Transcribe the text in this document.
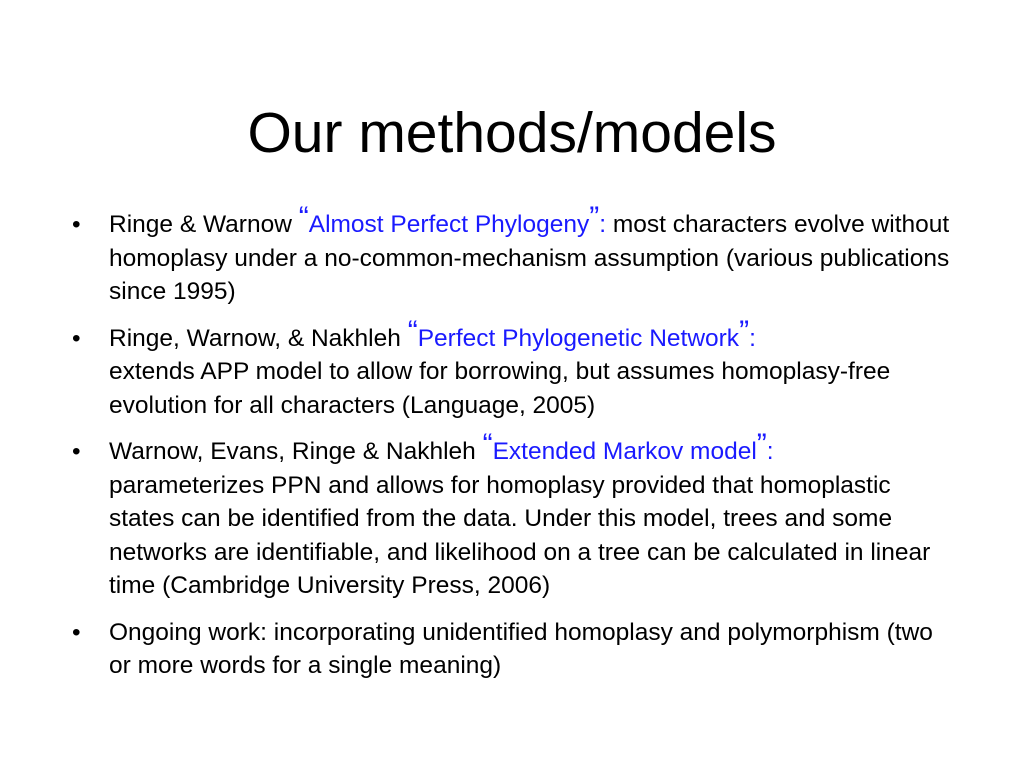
Our methods/models
• Ringe & Warnow “Almost Perfect Phylogeny”: most characters evolve without homoplasy under a no-common-mechanism assumption (various publications since 1995)
• Ringe, Warnow, & Nakhleh “Perfect Phylogenetic Network”:
extends APP model to allow for borrowing, but assumes homoplasy-free evolution for all characters (Language, 2005)
• Warnow, Evans, Ringe & Nakhleh “Extended Markov model”:
parameterizes PPN and allows for homoplasy provided that homoplastic states can be identified from the data. Under this model, trees and some networks are identifiable, and likelihood on a tree can be calculated in linear time (Cambridge University Press, 2006)
• Ongoing work: incorporating unidentified homoplasy and polymorphism (two or more words for a single meaning)
